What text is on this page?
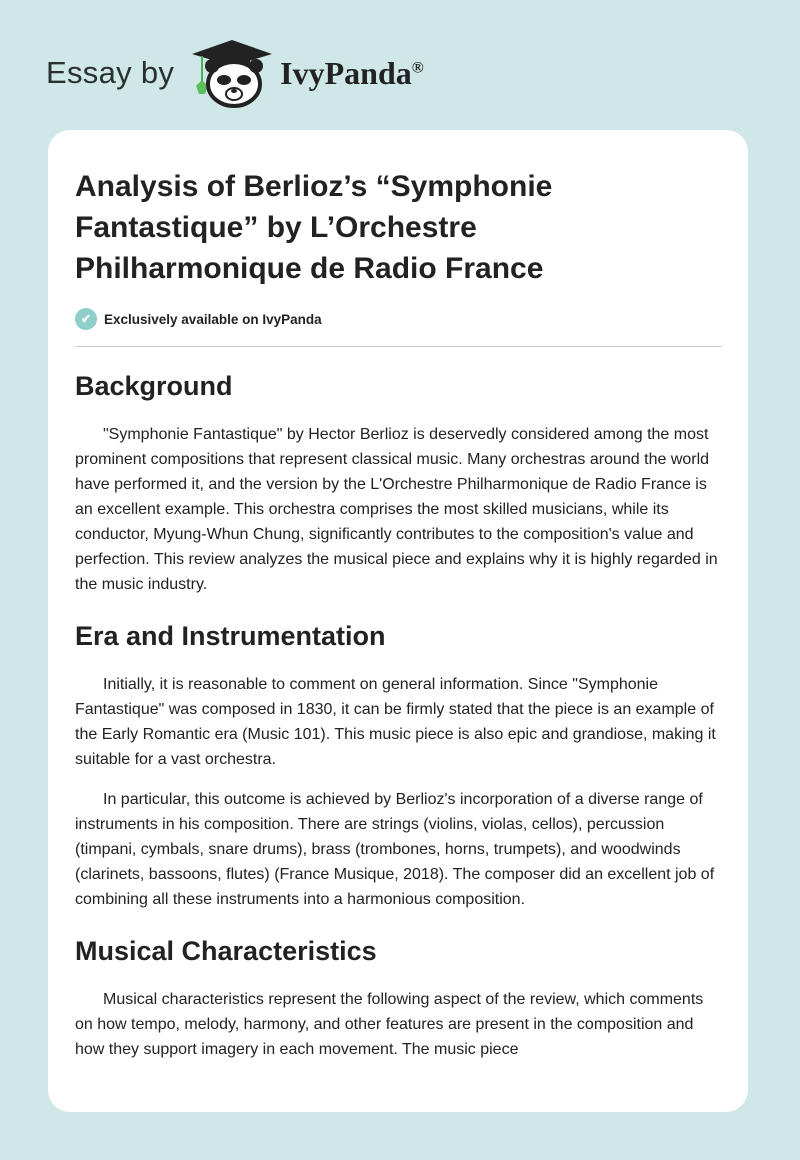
Essay by	IvyPanda®
Analysis of Berlioz’s “Symphonie Fantastique” by L’Orchestre Philharmonique de Radio France
✔ Exclusively available on IvyPanda
Background

"Symphonie Fantastique" by Hector Berlioz is deservedly considered among the most prominent compositions that represent classical music. Many orchestras around the world have performed it, and the version by the L'Orchestre Philharmonique de Radio France is an excellent example. This orchestra comprises the most skilled musicians, while its conductor, Myung-Whun Chung, significantly contributes to the composition's value and perfection. This review analyzes the musical piece and explains why it is highly regarded in the music industry.

Era and Instrumentation

Initially, it is reasonable to comment on general information. Since "Symphonie Fantastique" was composed in 1830, it can be firmly stated that the piece is an example of the Early Romantic era (Music 101). This music piece is also epic and grandiose, making it suitable for a vast orchestra.

In particular, this outcome is achieved by Berlioz's incorporation of a diverse range of instruments in his composition. There are strings (violins, violas, cellos), percussion (timpani, cymbals, snare drums), brass (trombones, horns, trumpets), and woodwinds (clarinets, bassoons, flutes) (France Musique, 2018). The composer did an excellent job of combining all these instruments into a harmonious composition.

Musical Characteristics

Musical characteristics represent the following aspect of the review, which comments on how tempo, melody, harmony, and other features are present in the composition and how they support imagery in each movement. The music piece
